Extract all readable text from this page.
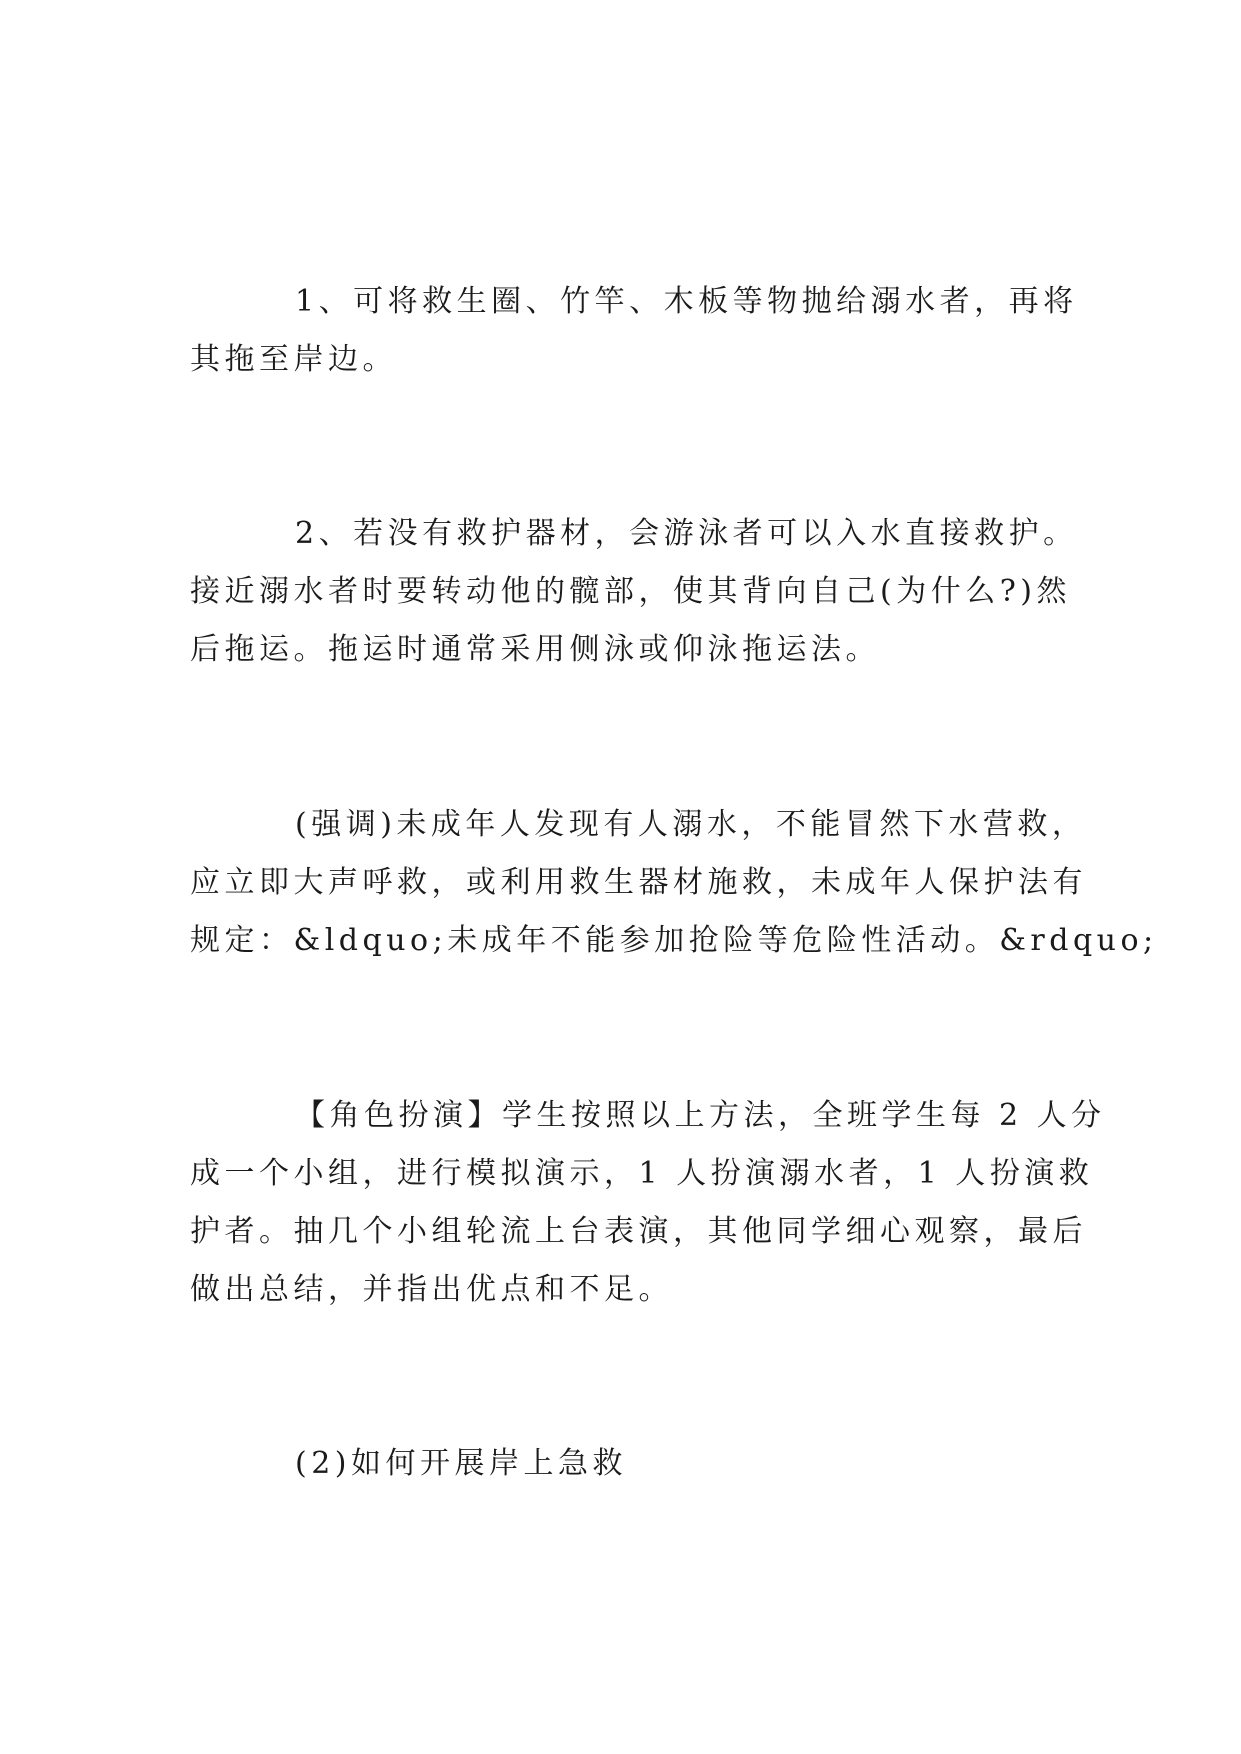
1、可将救生圈、竹竿、木板等物抛给溺水者，再将
其拖至岸边。
2、若没有救护器材，会游泳者可以入水直接救护。
接近溺水者时要转动他的髋部，使其背向自己(为什么?)然
后拖运。拖运时通常采用侧泳或仰泳拖运法。
(强调)未成年人发现有人溺水，不能冒然下水营救，
应立即大声呼救，或利用救生器材施救，未成年人保护法有
规定：&ldquo;未成年不能参加抢险等危险性活动。&rdquo;
【角色扮演】学生按照以上方法，全班学生每 2 人分
成一个小组，进行模拟演示，1 人扮演溺水者，1 人扮演救
护者。抽几个小组轮流上台表演，其他同学细心观察，最后
做出总结，并指出优点和不足。
(2)如何开展岸上急救
